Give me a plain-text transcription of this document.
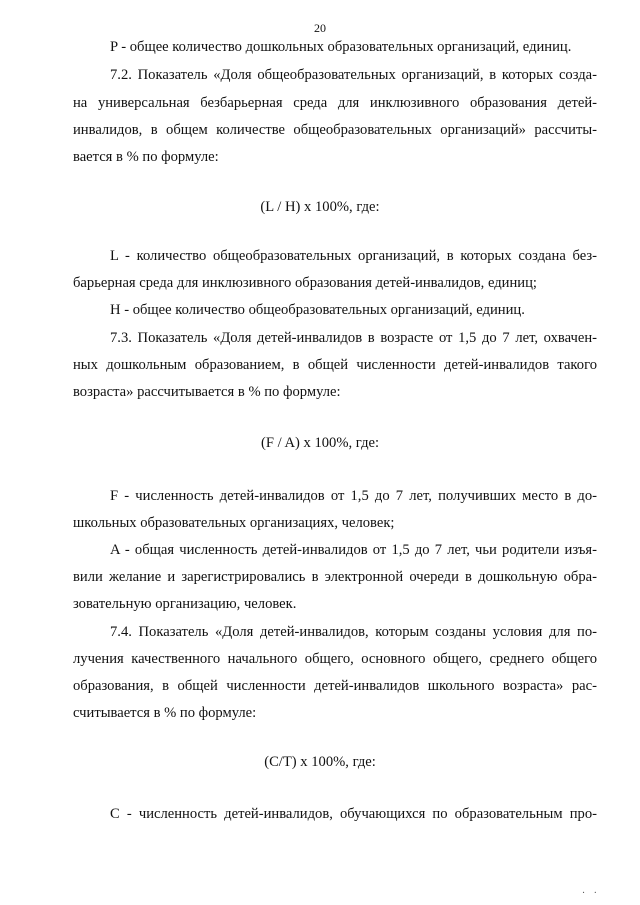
20
P - общее количество дошкольных образовательных организаций, единиц.
7.2. Показатель «Доля общеобразовательных организаций, в которых созда-
на универсальная безбарьерная среда для инклюзивного образования детей-
инвалидов, в общем количестве общеобразовательных организаций» рассчиты-
вается в % по формуле:
(L / H) x 100%, где:
L - количество общеобразовательных организаций, в которых создана без-
барьерная среда для инклюзивного образования детей-инвалидов, единиц;
H - общее количество общеобразовательных организаций, единиц.
7.3. Показатель «Доля детей-инвалидов в возрасте от 1,5 до 7 лет, охвачен-
ных дошкольным образованием, в общей численности детей-инвалидов такого
возраста» рассчитывается в % по формуле:
(F / A) x 100%, где:
F - численность детей-инвалидов от 1,5 до 7 лет, получивших место в до-
школьных образовательных организациях, человек;
A - общая численность детей-инвалидов от 1,5 до 7 лет, чьи родители изъя-
вили желание и зарегистрировались в электронной очереди в дошкольную обра-
зовательную организацию, человек.
7.4. Показатель «Доля детей-инвалидов, которым созданы условия для по-
лучения качественного начального общего, основного общего, среднего общего
образования, в общей численности детей-инвалидов школьного возраста» рас-
считывается в % по формуле:
(C/T) x 100%, где:
C - численность детей-инвалидов, обучающихся по образовательным про-
· ·
